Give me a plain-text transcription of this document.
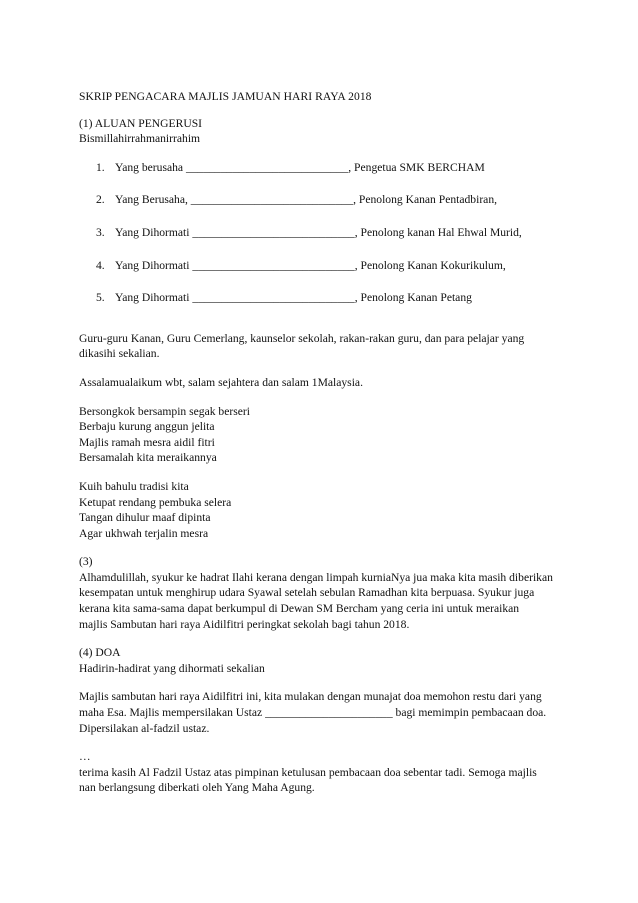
SKRIP PENGACARA MAJLIS JAMUAN HARI RAYA 2018
(1) ALUAN PENGERUSI
Bismillahirrahmanirrahim
1. Yang berusaha ____________________________, Pengetua SMK BERCHAM
2. Yang Berusaha, ____________________________, Penolong Kanan Pentadbiran,
3. Yang Dihormati ____________________________, Penolong kanan Hal Ehwal Murid,
4. Yang Dihormati ____________________________, Penolong Kanan Kokurikulum,
5. Yang Dihormati ____________________________, Penolong Kanan Petang
Guru-guru Kanan, Guru Cemerlang, kaunselor sekolah, rakan-rakan guru, dan para pelajar yang
dikasihi sekalian.
Assalamualaikum wbt, salam sejahtera dan salam 1Malaysia.
Bersongkok bersampin segak berseri
Berbaju kurung anggun jelita
Majlis ramah mesra aidil fitri
Bersamalah kita meraikannya
Kuih bahulu tradisi kita
Ketupat rendang pembuka selera
Tangan dihulur maaf dipinta
Agar ukhwah terjalin mesra
(3)
Alhamdulillah, syukur ke hadrat Ilahi kerana dengan limpah kurniaNya jua maka kita masih diberikan
kesempatan untuk menghirup udara Syawal setelah sebulan Ramadhan kita berpuasa. Syukur juga
kerana kita sama-sama dapat berkumpul di Dewan SM Bercham yang ceria ini untuk meraikan
majlis Sambutan hari raya Aidilfitri peringkat sekolah bagi tahun 2018.
(4) DOA
Hadirin-hadirat yang dihormati sekalian
Majlis sambutan hari raya Aidilfitri ini, kita mulakan dengan munajat doa memohon restu dari yang
maha Esa. Majlis mempersilakan Ustaz ______________________ bagi memimpin pembacaan doa.
Dipersilakan al-fadzil ustaz.
…
terima kasih Al Fadzil Ustaz atas pimpinan ketulusan pembacaan doa sebentar tadi. Semoga majlis
nan berlangsung diberkati oleh Yang Maha Agung.
